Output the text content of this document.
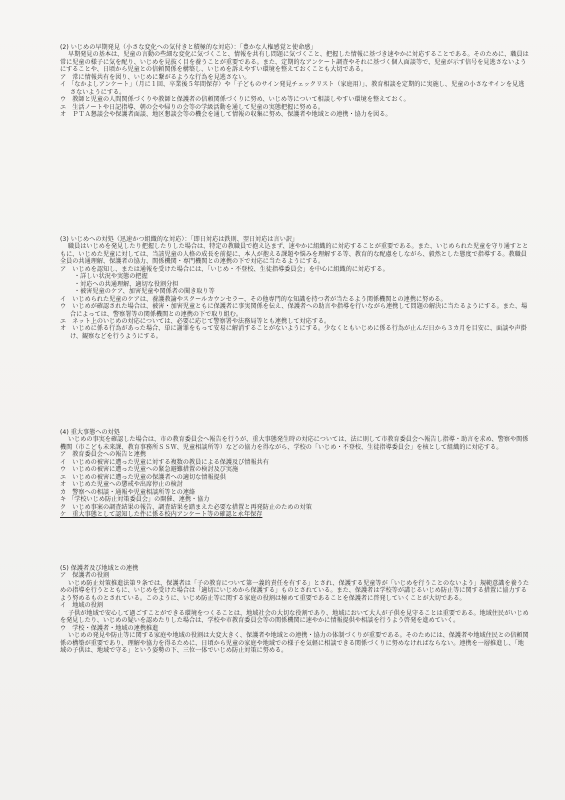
(2) いじめの早期発見（小さな変化への気付きと積極的な対応）：「豊かな人権感覚と使命感」
早期発見の基本は、児童の言動の些細な変化に気づくこと、情報を共有し問題に気づくこと、把握した情報に基づき速やかに対応することである。そのために、職員は常に児童の様子に気を配り、いじめを見抜く目を養うことが重要である。また、定期的なアンケート調査やそれに基づく個人面談等で、児童が示す信号を見逃さないようにすることや、日頃から児童との信頼関係を構築し、いじめを訴えやすい環境を整えておくことも大切である。
ア　常に情報共有を図り、いじめに繋がるような行為を見逃さない。
イ 「なかよしアンケート」（月に１回、卒業後５年間保存）や「子どものサイン発見チェックリスト（家庭用）」、教育相談を定期的に実施し、児童の小さなサインを見逃さないようにする。
ウ　教師と児童の人間関係づくりや教師と保護者の信頼関係づくりに努め、いじめ等について相談しやすい環境を整えておく。
エ　生活ノートや日記指導、朝の会や帰りの会等の学級活動を通して児童の実態把握に努める。
オ　ＰＴＡ懇談会や保護者面談、地区懇談会等の機会を通して情報の収集に努め、保護者や地域との連携・協力を図る。
(3) いじめへの対処（迅速かつ組織的な対応）：「即日対応は鉄則、翌日対応は言い訳」
職員はいじめを発見したり把握したりした場合は、特定の教職員で抱え込まず、速やかに組織的に対応することが重要である。また、いじめられた児童を守り通すとともに、いじめた児童に対しては、当該児童の人格の成長を前提に、本人が抱える課題や悩みを理解する等、教育的な配慮をしながら、毅然とした態度で指導する。教職員全員の共通理解、保護者の協力、関係機関・専門機関との連携の下で対応に当たるようにする。
ア　いじめを認知し、または通報を受けた場合には、「いじめ・不登校、生徒指導委員会」を中心に組織的に対応する。
・詳しい状況や実態の把握
・対応への共通理解、適切な役割分担
・被害児童のケア、加害児童や関係者の聞き取り等
イ　いじめられた児童のケアは、養護教諭やスクールカウンセラー、その他専門的な知識を持つ者が当たるよう関係機関との連携に努める。
ウ　いじめが確認された場合は、被害・加害児童ともに保護者に事実関係を伝え、保護者への助言や指導を行いながら連携して問題の解決に当たるようにする。また、場合によっては、警察署等の関係機関との連携の下で取り組む。
エ　ネット上のいじめの対応については、必要に応じて警察署や法務局等とも連携して対応する。
オ　いじめに係る行為があった場合、単に謝罪をもって安易に解消することがないようにする。少なくともいじめに係る行為が止んだ日から３カ月を目安に、面談や声掛け、観察などを行うようにする。
(4) 重大事態への対処
いじめの事実を確認した場合は、市の教育委員会へ報告を行うが、重大事態発生時の対応については、法に則して市教育委員会へ報告し指導・助言を求め、警察や関係機関（市こども未来課、教育事務所ＳＳＷ、児童相談所等）などの協力を得ながら、学校の「いじめ・不登校、生徒指導委員会」を核として組織的に対応する。
ア　教育委員会への報告と連携
イ　いじめの被害に遭った児童に対する複数の教員による保護及び情報共有
ウ　いじめの被害に遭った児童への緊急避難措置の検討及び実施
エ　いじめの被害に遭った児童の保護者への適切な情報提供
オ　いじめた児童への懲戒や出席停止の検討
カ　警察への相談・通報や児童相談所等との連絡
キ 「学校いじめ防止対策委員会」の開催、連携・協力
ク　いじめ事案の調査結果の報告、調査結果を踏まえた必要な措置と再発防止のための対策
ケ　重大事態として認知した件に係る校内アンケート等の確認と永年保存
(5) 保護者及び地域との連携
ア　保護者の役割
いじめ防止対策推進法第９条では、保護者は「子の教育について第一義的責任を有する」とされ、保護する児童等が「いじめを行うことのないよう」規範意識を養うための指導を行うとともに、いじめを受けた場合は「適切にいじめから保護する」ものとされている。また、保護者は学校等が講じるいじめ防止等に関する措置に協力するよう努めるものとされている。このように、いじめ防止等に関する家庭の役割は極めて重要であることを保護者に啓発していくことが大切である。
イ　地域の役割
子供が地域で安心して過ごすことができる環境をつくることは、地域社会の大切な役割であり、地域において大人が子供を見守ることは重要である。地域住民がいじめを発見したり、いじめの疑いを認めたりした場合は、学校や市教育委員会等の関係機関に速やかに情報提供や相談を行うよう啓発を進めていく。
ウ　学校・保護者・地域の連携推進
いじめの発見や防止等に関する家庭や地域の役割は大変大きく、保護者や地域との連携・協力の体制づくりが重要である。そのためには、保護者や地域住民との信頼関係の構築が重要であり、理解や協力を得るために、日頃から児童の家庭や地域での様子を気軽に相談できる関係づくりに努めなければならない。連携を一層推進し、「地域の子供は、地域で守る」という姿勢の下、三位一体でいじめ防止対策に努める。
